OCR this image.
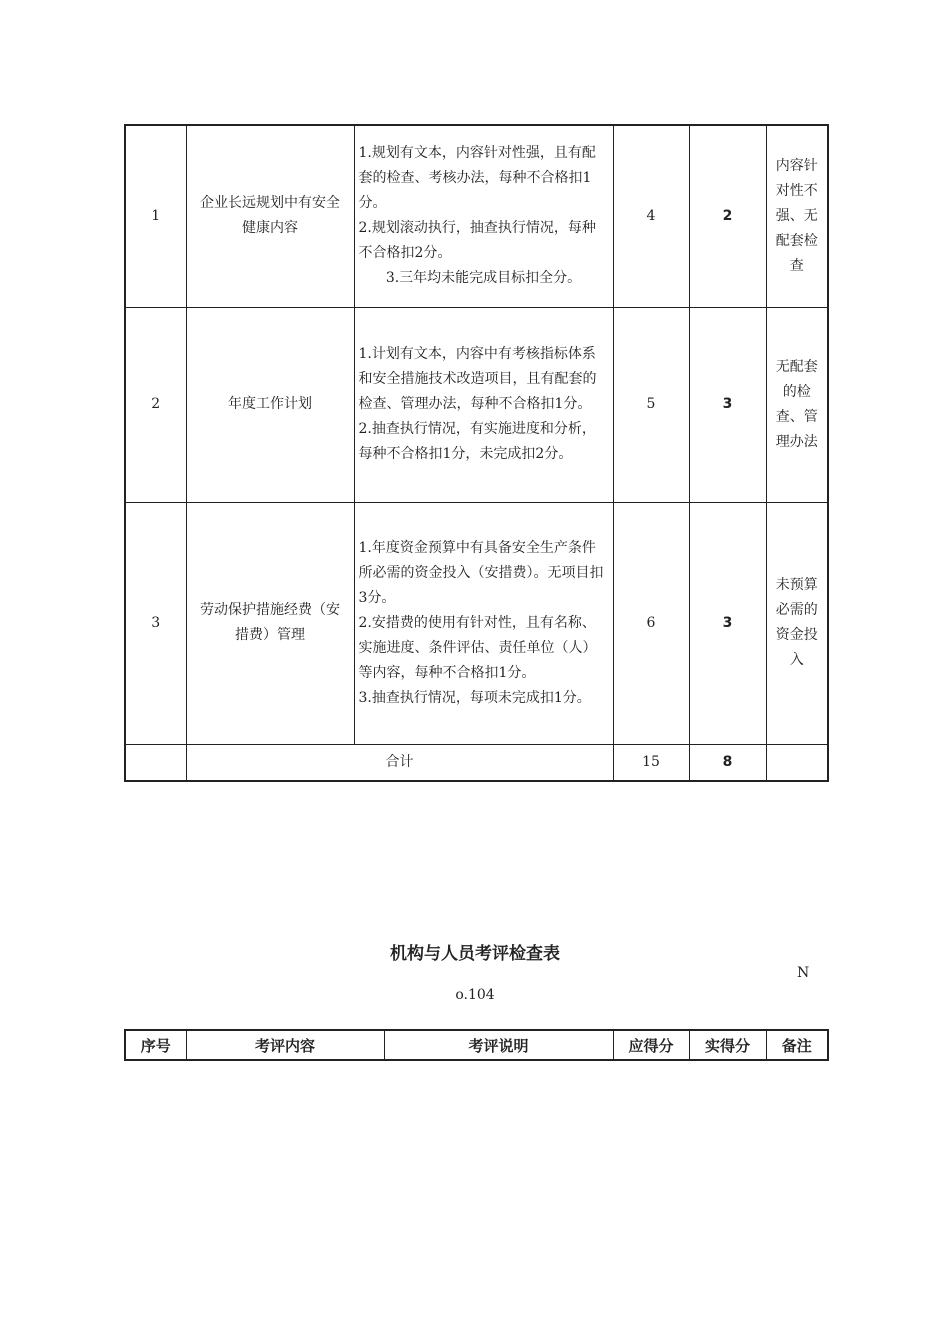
1	企业长远规划中有安全健康内容	1.规划有文本，内容针对性强，且有配套的检查、考核办法，每种不合格扣1分。

2.规划滚动执行，抽查执行情况，每种不合格扣2分。

3.三年均未能完成目标扣全分。	4	2	内容针对性不强、无配套检查
2	年度工作计划	1.计划有文本，内容中有考核指标体系和安全措施技术改造项目，且有配套的检查、管理办法，每种不合格扣1分。

2.抽查执行情况，有实施进度和分析，每种不合格扣1分，未完成扣2分。	5	3	无配套的检查、管理办法
3	劳动保护措施经费（安措费）管理	1.年度资金预算中有具备安全生产条件所必需的资金投入（安措费）。无项目扣3分。

2.安措费的使用有针对性，且有名称、实施进度、条件评估、责任单位（人）等内容，每种不合格扣1分。

3.抽查执行情况，每项未完成扣1分。	6	3	未预算必需的资金投入
	合计		15	8	
机构与人员考评检查表
N
o.104
序号	考评内容	考评说明	应得分	实得分	备注
